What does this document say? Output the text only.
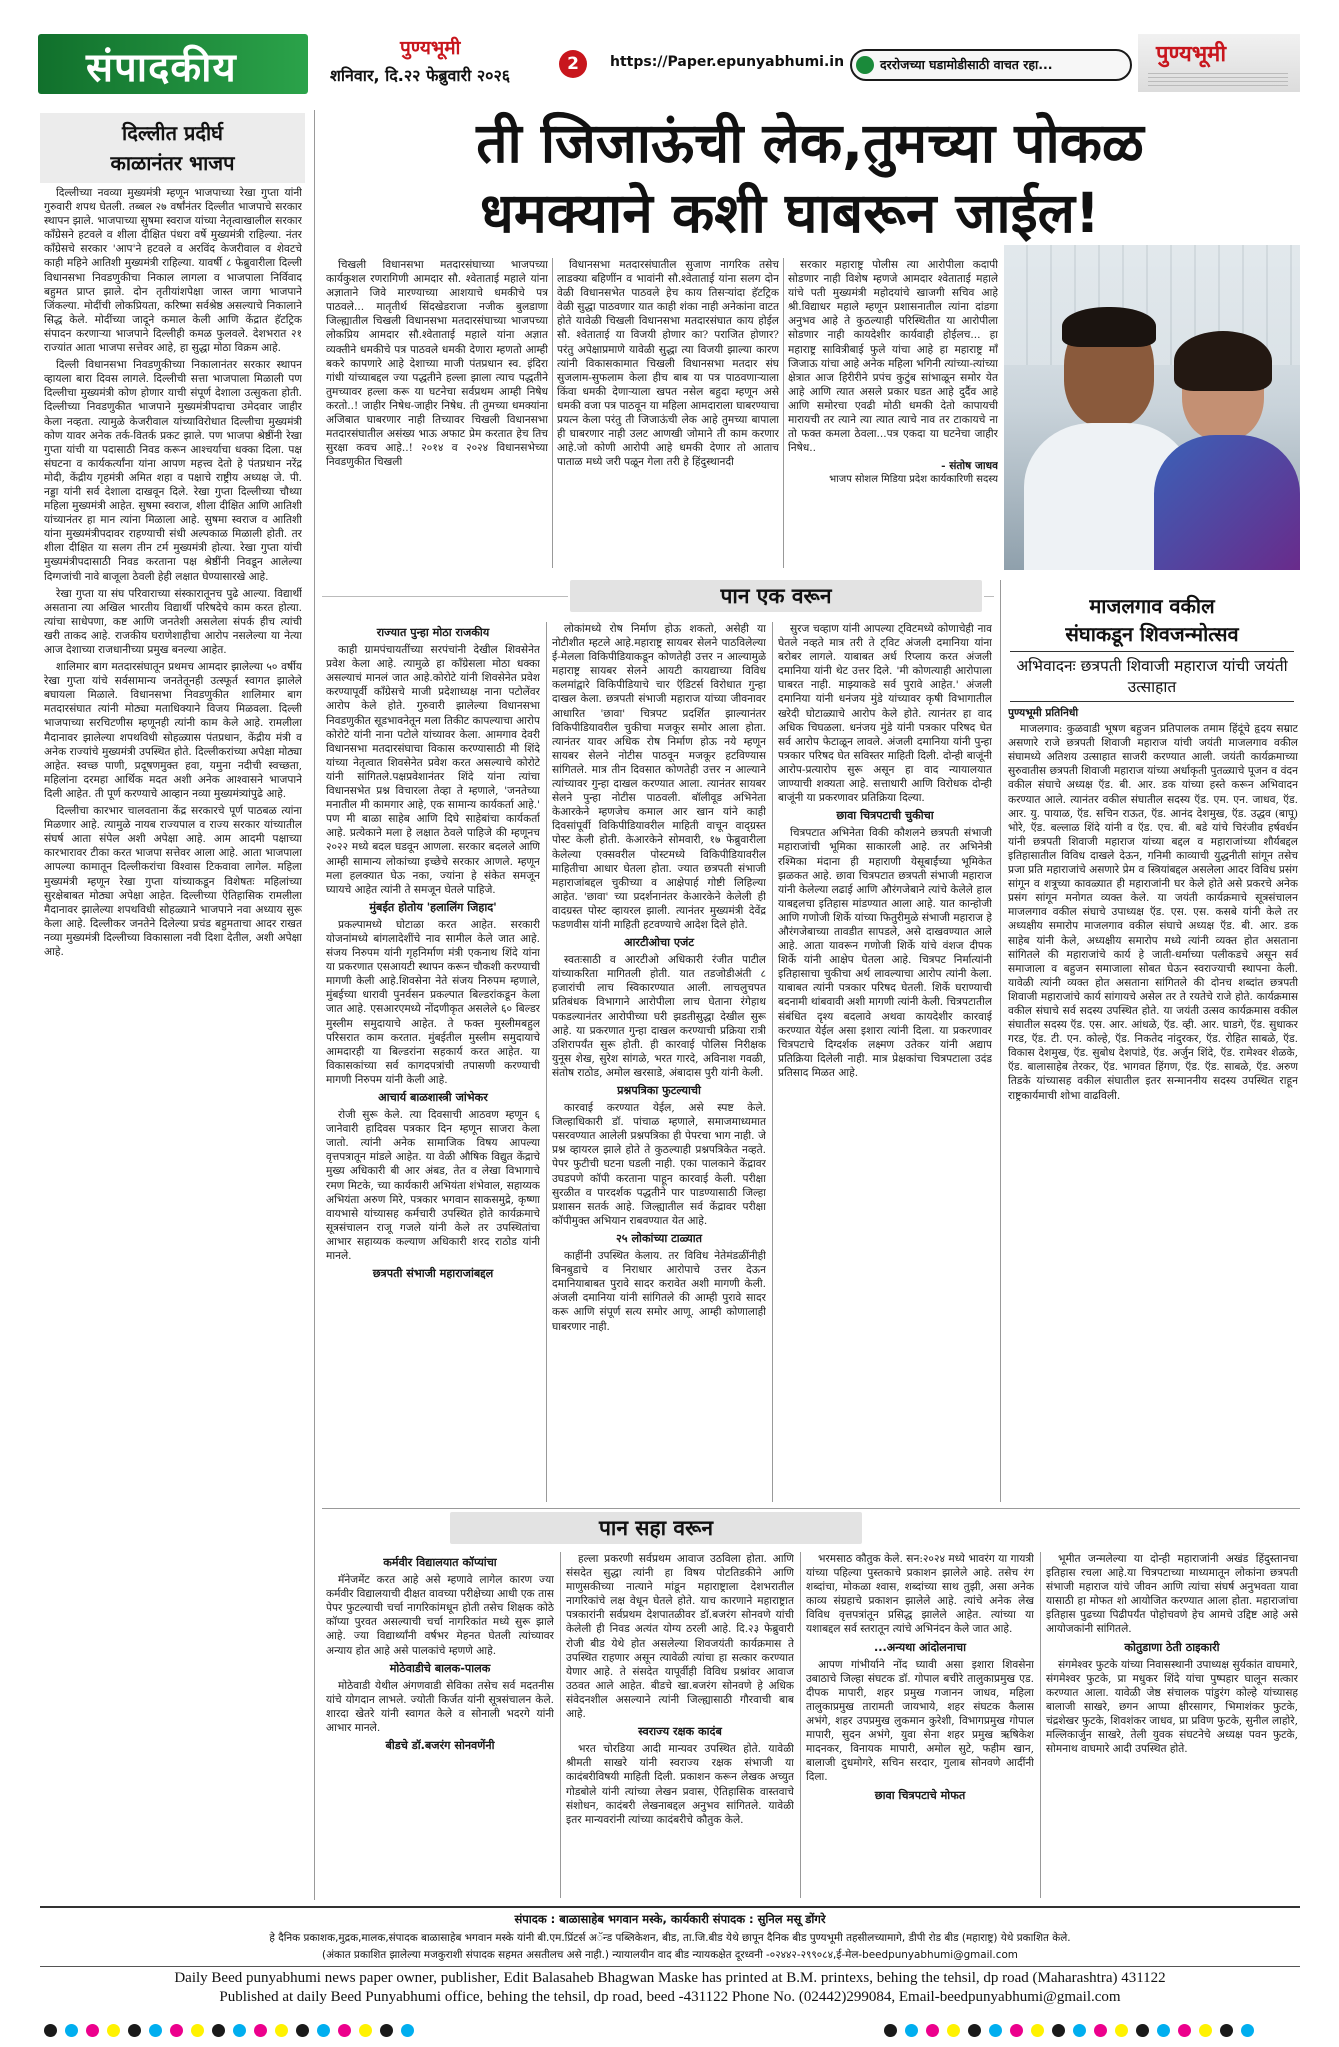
संपादकीय	पुण्यभूमी
शनिवार, दि.२२ फेब्रुवारी २०२६
2	https://Paper.epunyabhumi.in	दररोजच्या घडामोडीसाठी वाचत रहा...	पुण्यभूमी
दिल्लीत प्रदीर्घ
काळानंतर भाजप

दिल्लीच्या नवव्या मुख्यमंत्री म्हणून भाजपाच्या रेखा गुप्ता यांनी गुरुवारी शपथ घेतली. तब्बल २७ वर्षांनंतर दिल्लीत भाजपाचे सरकार स्थापन झाले. भाजपाच्या सुषमा स्वराज यांच्या नेतृत्वाखालील सरकार कॉंग्रेसने हटवले व शीला दीक्षित पंधरा वर्षे मुख्यमंत्री राहिल्या. नंतर कॉंग्रेसचे सरकार 'आप'ने हटवले व अरविंद केजरीवाल व शेवटचे काही महिने आतिशी मुख्यमंत्री राहिल्या. यावर्षी ८ फेब्रुवारीला दिल्ली विधानसभा निवडणुकीचा निकाल लागला व भाजपाला निर्विवाद बहुमत प्राप्त झाले. दोन तृतीयांशपेक्षा जास्त जागा भाजपाने जिंकल्या. मोदींची लोकप्रियता, करिष्मा सर्वश्रेष्ठ असल्याचे निकालाने सिद्ध केले. मोदींच्या जादूने कमाल केली आणि केंद्रात हॅटट्रिक संपादन करणाऱ्या भाजपाने दिल्लीही कमळ फुलवले. देशभरात २१ राज्यांत आता भाजपा सत्तेवर आहे, हा सुद्धा मोठा विक्रम आहे.

दिल्ली विधानसभा निवडणुकीच्या निकालानंतर सरकार स्थापन व्हायला बारा दिवस लागले. दिल्लीची सत्ता भाजपाला मिळाली पण दिल्लीचा मुख्यमंत्री कोण होणार याची संपूर्ण देशाला उत्सुकता होती. दिल्लीच्या निवडणुकीत भाजपाने मुख्यमंत्रीपदाचा उमेदवार जाहीर केला नव्हता. त्यामुळे केजरीवाल यांच्याविरोधात दिल्लीचा मुख्यमंत्री कोण यावर अनेक तर्क-वितर्क प्रकट झाले. पण भाजपा श्रेष्ठींनी रेखा गुप्ता यांची या पदासाठी निवड करून आश्चर्याचा धक्का दिला. पक्ष संघटना व कार्यकर्त्यांना यांना आपण महत्त्व देतो हे पंतप्रधान नरेंद्र मोदी, केंद्रीय गृहमंत्री अमित शहा व पक्षाचे राष्ट्रीय अध्यक्ष जे. पी. नड्डा यांनी सर्व देशाला दाखवून दिले. रेखा गुप्ता दिल्लीच्या चौथ्या महिला मुख्यमंत्री आहेत. सुषमा स्वराज, शीला दीक्षित आणि आतिशी यांच्यानंतर हा मान त्यांना मिळाला आहे. सुषमा स्वराज व आतिशी यांना मुख्यमंत्रीपदावर राहण्याची संधी अल्पकाळ मिळाली होती. तर शीला दीक्षित या सलग तीन टर्म मुख्यमंत्री होत्या. रेखा गुप्ता यांची मुख्यमंत्रीपदासाठी निवड करताना पक्ष श्रेष्ठींनी निवडून आलेल्या दिग्गजांची नावे बाजूला ठेवली हेही लक्षात घेण्यासारखे आहे.

रेखा गुप्ता या संघ परिवाराच्या संस्कारातूनच पुढे आल्या. विद्यार्थी असताना त्या अखिल भारतीय विद्यार्थी परिषदेचे काम करत होत्या. त्यांचा साधेपणा, कष्ट आणि जनतेशी असलेला संपर्क हीच त्यांची खरी ताकद आहे. राजकीय घराणेशाहीचा आरोप नसलेल्या या नेत्या आज देशाच्या राजधानीच्या प्रमुख बनल्या आहेत.

शालिमार बाग मतदारसंघातून प्रथमच आमदार झालेल्या ५० वर्षीय रेखा गुप्ता यांचे सर्वसामान्य जनतेतूनही उत्स्फूर्त स्वागत झालेले बघायला मिळाले. विधानसभा निवडणुकीत शालिमार बाग मतदारसंघात त्यांनी मोठ्या मताधिक्याने विजय मिळवला. दिल्ली भाजपाच्या सरचिटणीस म्हणूनही त्यांनी काम केले आहे. रामलीला मैदानावर झालेल्या शपथविधी सोहळ्यास पंतप्रधान, केंद्रीय मंत्री व अनेक राज्यांचे मुख्यमंत्री उपस्थित होते. दिल्लीकरांच्या अपेक्षा मोठ्या आहेत. स्वच्छ पाणी, प्रदूषणमुक्त हवा, यमुना नदीची स्वच्छता, महिलांना दरमहा आर्थिक मदत अशी अनेक आश्वासने भाजपाने दिली आहेत. ती पूर्ण करण्याचे आव्हान नव्या मुख्यमंत्र्यांपुढे आहे.

दिल्लीचा कारभार चालवताना केंद्र सरकारचे पूर्ण पाठबळ त्यांना मिळणार आहे. त्यामुळे नायब राज्यपाल व राज्य सरकार यांच्यातील संघर्ष आता संपेल अशी अपेक्षा आहे. आम आदमी पक्षाच्या कारभारावर टीका करत भाजपा सत्तेवर आला आहे. आता भाजपाला आपल्या कामातून दिल्लीकरांचा विश्वास टिकवावा लागेल. महिला मुख्यमंत्री म्हणून रेखा गुप्ता यांच्याकडून विशेषतः महिलांच्या सुरक्षेबाबत मोठ्या अपेक्षा आहेत. दिल्लीच्या ऐतिहासिक रामलीला मैदानावर झालेल्या शपथविधी सोहळ्याने भाजपाने नवा अध्याय सुरू केला आहे. दिल्लीकर जनतेने दिलेल्या प्रचंड बहुमताचा आदर राखत नव्या मुख्यमंत्री दिल्लीच्या विकासाला नवी दिशा देतील, अशी अपेक्षा आहे.

ती जिजाऊंची लेक,तुमच्या पोकळ
धमक्याने कशी घाबरून जाईल!

चिखली विधानसभा मतदारसंघाच्या भाजपच्या कार्यकुशल रणरागिणी आमदार सौ. श्वेताताई महाले यांना अज्ञाताने जिवे मारण्याच्या आशयाचे धमकीचे पत्र पाठवले... मातृतीर्थ सिंदखेडराजा नजीक बुलडाणा जिल्ह्यातील चिखली विधानसभा मतदारसंघाच्या भाजपच्या लोकप्रिय आमदार सौ.श्वेताताई महाले यांना अज्ञात व्यक्तीने धमकीचे पत्र पाठवले धमकी देणारा म्हणतो आम्ही बकरे कापणारे आहे देशाच्या माजी पंतप्रधान स्व. इंदिरा गांधी यांच्याबद्दल ज्या पद्धतीने हल्ला झाला त्याच पद्धतीने तुमच्यावर हल्ला करू या घटनेचा सर्वप्रथम आम्ही निषेध करतो..! जाहीर निषेध-जाहीर निषेध. ती तुमच्या धमक्यांना अजिबात घाबरणार नाही तिच्यावर चिखली विधानसभा मतदारसंघातील असंख्य भाऊ अफाट प्रेम करतात हेच तिच सुरक्षा कवच आहे..! २०१४ व २०२४ विधानसभेच्या निवडणुकीत चिखली

विधानसभा मतदारसंघातील सुजाण नागरिक तसेच लाडक्या बहिणींन व भावांनी सौ.श्वेताताई यांना सलग दोन वेळी विधानसभेत पाठवले हेच काय तिसऱ्यांदा हॅटट्रिक वेळी सुद्धा पाठवणार यात काही शंका नाही अनेकांना वाटत होते यावेळी चिखली विधानसभा मतदारसंघात काय होईल सौ. श्वेताताई या विजयी होणार का? पराजित होणार? परंतु अपेक्षाप्रमाणे यावेळी सुद्धा त्या विजयी झाल्या कारण त्यांनी विकासकामात चिखली विधानसभा मतदार संघ सुजलाम-सुफलाम केला हीच बाब या पत्र पाठवणाऱ्याला किंवा धमकी देणाऱ्याला खपत नसेल बहुदा म्हणून असे धमकी वजा पत्र पाठवून या महिला आमदाराला घाबरण्याचा प्रयत्न केला परंतु ती जिजाऊंची लेक आहे तुमच्या बापाला ही घाबरणार नाही उलट आणखी जोमाने ती काम करणार आहे.जो कोणी आरोपी आहे धमकी देणार तो आताच पाताळ मध्ये जरी पळून गेला तरी हे हिंदुस्थानदी

सरकार महाराष्ट्र पोलीस त्या आरोपीला कदापी सोडणार नाही विशेष म्हणजे आमदार श्वेताताई महाले यांचे पती मुख्यमंत्री महोदयांचे खाजगी सचिव आहे श्री.विद्याधर महाले म्हणून प्रशासनातील त्यांना दांडगा अनुभव आहे ते कुठल्याही परिस्थितीत या आरोपीला सोडणार नाही कायदेशीर कार्यवाही होईलच... हा महाराष्ट्र सावित्रीबाई फुले यांचा आहे हा महाराष्ट्र माँ जिजाऊ यांचा आहे अनेक महिला भगिनी त्यांच्या-त्यांच्या क्षेत्रात आज हिरीरीने प्रपंच कुटुंब सांभाळून समोर येत आहे आणि त्यात असले प्रकार घडत आहे दुर्दैव आहे आणि समोरचा एवढी मोठी धमकी देतो कापायची मारायची तर त्याने त्या त्यात त्याचे नाव तर टाकायचे ना तो फक्त कमला ठेवला...पत्र एकदा या घटनेचा जाहीर निषेध..

- संतोष जाधव
भाजप सोशल मिडिया प्रदेश कार्यकारिणी सदस्य
पान एक वरून
राज्यात पुन्हा मोठा राजकीय

काही ग्रामपंचायतींच्या सरपंचांनी देखील शिवसेनेत प्रवेश केला आहे. त्यामुळे हा कॉंग्रेसला मोठा धक्का असल्याचं मानलं जात आहे.कोरोटे यांनी शिवसेनेत प्रवेश करण्यापूर्वी कॉंग्रेसचे माजी प्रदेशाध्यक्ष नाना पटोलेंवर आरोप केले होते. गुरुवारी झालेल्या विधानसभा निवडणुकीत सूडभावनेतून मला तिकीट कापल्याचा आरोप कोरोटे यांनी नाना पटोले यांच्यावर केला. आमगाव देवरी विधानसभा मतदारसंघाचा विकास करण्यासाठी मी शिंदे यांच्या नेतृत्वात शिवसेनेत प्रवेश करत असल्याचे कोरोटे यांनी सांगितले.पक्षप्रवेशानंतर शिंदे यांना त्यांचा विधानसभेत प्रश्न विचारला तेव्हा ते म्हणाले, 'जनतेच्या मनातील मी कामगार आहे, एक सामान्य कार्यकर्ता आहे.' पण मी बाळा साहेब आणि दिघे साहेबांचा कार्यकर्ता आहे. प्रत्येकाने मला हे लक्षात ठेवले पाहिजे की म्हणूनच २०२२ मध्ये बदल घडवून आणला. सरकार बदलले आणि आम्ही सामान्य लोकांच्या इच्छेचे सरकार आणले. म्हणून मला हलक्यात घेऊ नका, ज्यांना हे संकेत समजून घ्यायचे आहेत त्यांनी ते समजून घेतले पाहिजे.

मुंबईत होतोय 'हलालिंग जिहाद'

प्रकल्पामध्ये घोटाळा करत आहेत. सरकारी योजनांमध्ये बांगलादेशींचे नाव सामील केले जात आहे. संजय निरुपम यांनी गृहनिर्माण मंत्री एकनाथ शिंदे यांना या प्रकरणात एसआयटी स्थापन करून चौकशी करण्याची मागणी केली आहे.शिवसेना नेते संजय निरुपम म्हणाले, मुंबईच्या धारावी पुनर्वसन प्रकल्पात बिल्डरांकडून केला जात आहे. एसआरएमध्ये नोंदणीकृत असलेले ६० बिल्डर मुस्लीम समुदायाचे आहेत. ते फक्त मुस्लीमबहुल परिसरात काम करतात. मुंबईतील मुस्लीम समुदायाचे आमदारही या बिल्डरांना सहकार्य करत आहेत. या विकासकांच्या सर्व कागदपत्रांची तपासणी करण्याची मागणी निरुपम यांनी केली आहे.

आचार्य बाळशास्त्री जांभेकर

रोजी सुरू केले. त्या दिवसाची आठवण म्हणून ६ जानेवारी हादिवस पत्रकार दिन म्हणून साजरा केला जातो. त्यांनी अनेक सामाजिक विषय आपल्या वृत्तपत्रातून मांडले आहेत. या वेळी औषिक विद्युत केंद्राचे मुख्य अधिकारी बी आर अंबड, तेत व लेखा विभागाचे रमण मिटके, च्या कार्यकारी अभियंता शंभेवाल, सहाय्यक अभियंता अरुण मिरे, पत्रकार भगवान साकसमुद्रे, कृष्णा वायभासे यांच्यासह कर्मचारी उपस्थित होते कार्यक्रमाचे सूत्रसंचालन राजू गजले यांनी केले तर उपस्थितांचा आभार सहाय्यक कल्याण अधिकारी शरद राठोड यांनी मानले.

छत्रपती संभाजी महाराजांबद्दल

लोकांमध्ये रोष निर्माण होऊ शकतो, असेही या नोटीशीत म्हटले आहे.महाराष्ट्र सायबर सेलने पाठविलेल्या ई-मेलला विकिपीडियाकडून कोणतेही उत्तर न आल्यामुळे महाराष्ट्र सायबर सेलने आयटी कायद्याच्या विविध कलमांद्वारे विकिपीडियाचे चार ऍडिटर्स विरोधात गुन्हा दाखल केला. छत्रपती संभाजी महाराज यांच्या जीवनावर आधारित 'छावा' चित्रपट प्रदर्शित झाल्यानंतर विकिपीडियावरील चुकीचा मजकूर समोर आला होता. त्यानंतर यावर अधिक रोष निर्माण होऊ नये म्हणून सायबर सेलने नोटीस पाठवून मजकूर हटविण्यास सांगितले. मात्र तीन दिवसात कोणतेही उत्तर न आल्याने त्यांच्यावर गुन्हा दाखल करण्यात आला. त्यानंतर सायबर सेलने पुन्हा नोटीस पाठवली. बॉलीवूड अभिनेता केआरकेने म्हणजेच कमाल आर खान यांने काही दिवसांपूर्वी विकिपीडियावरील माहिती वाचून वाद्ग्रस्त पोस्ट केली होती. केआरकेने सोमवारी, १७ फेब्रुवारीला केलेल्या एक्सवरील पोस्टमध्ये विकिपीडियावरील माहितीचा आधार घेतला होता. ज्यात छत्रपती संभाजी महाराजांबद्दल चुकीच्या व आक्षेपार्ह गोष्टी लिहिल्या आहेत. 'छावा' च्या प्रदर्शनानंतर केआरकेने केलेली ही वादग्रस्त पोस्ट व्हायरल झाली. त्यानंतर मुख्यमंत्री देवेंद्र फडणवीस यांनी माहिती हटवण्याचे आदेश दिले होते.

आरटीओचा एजंट

स्वतःसाठी व आरटीओ अधिकारी रंजीत पाटील यांच्याकरिता मागितली होती. यात तडजोडीअंती ८ हजारांची लाच स्विकारण्यात आली. लाचलुचपत प्रतिबंधक विभागाने आरोपीला लाच घेताना रंगेहाथ पकडल्यानंतर आरोपीच्या घरी झडतीसुद्धा देखील सुरू आहे. या प्रकरणात गुन्हा दाखल करण्याची प्रक्रिया रात्री उशिरापर्यंत सुरू होती. ही कारवाई पोलिस निरीक्षक युनूस शेख, सुरेश सांगळे, भरत गारदे, अविनाश गवळी, संतोष राठोड, अमोल खरसाडे, अंबादास पुरी यांनी केली.

प्रश्नपत्रिका फुटल्याची

कारवाई करण्यात येईल, असे स्पष्ट केले. जिल्हाधिकारी डॉ. पांचाळ म्हणाले, समाजमाध्यमात पसरवण्यात आलेली प्रश्नपत्रिका ही पेपरचा भाग नाही. जे प्रश्न व्हायरल झाले होते ते कुठल्याही प्रश्नपत्रिकेत नव्हते. पेपर फुटीची घटना घडली नाही. एका पालकाने केंद्रावर उघडपणे कॉपी करताना पाहून कारवाई केली. परीक्षा सुरळीत व पारदर्शक पद्धतीने पार पाडण्यासाठी जिल्हा प्रशासन सतर्क आहे. जिल्ह्यातील सर्व केंद्रावर परीक्षा कॉपीमुक्त अभियान राबवण्यात येत आहे.

२५ लोकांच्या टाळ्यात

काहींनी उपस्थित केलाय. तर विविध नेतेमंडळींनीही बिनबुडाचे व निराधार आरोपाचे उत्तर देऊन दमानियाबाबत पुरावे सादर करावेत अशी मागणी केली. अंजली दमानिया यांनी सांगितले की आम्ही पुरावे सादर करू आणि संपूर्ण सत्य समोर आणू. आम्ही कोणालाही घाबरणार नाही.

सुरज चव्हाण यांनी आपल्या ट्विटमध्ये कोणाचेही नाव घेतले नव्हते मात्र तरी ते ट्विट अंजली दमानिया यांना बरोबर लागले. याबाबत अर्ध रिप्लाय करत अंजली दमानिया यांनी थेट उत्तर दिले. 'मी कोणत्याही आरोपाला घाबरत नाही. माझ्याकडे सर्व पुरावे आहेत.' अंजली दमानिया यांनी धनंजय मुंडे यांच्यावर कृषी विभागातील खरेदी घोटाळ्याचे आरोप केले होते. त्यानंतर हा वाद अधिक चिघळला. धनंजय मुंडे यांनी पत्रकार परिषद घेत सर्व आरोप फेटाळून लावले. अंजली दमानिया यांनी पुन्हा पत्रकार परिषद घेत सविस्तर माहिती दिली. दोन्ही बाजूंनी आरोप-प्रत्यारोप सुरू असून हा वाद न्यायालयात जाण्याची शक्यता आहे. सत्ताधारी आणि विरोधक दोन्ही बाजूंनी या प्रकरणावर प्रतिक्रिया दिल्या.

छावा चित्रपटाची चुकीचा

चित्रपटात अभिनेता विकी कौशलने छत्रपती संभाजी महाराजांची भूमिका साकारली आहे. तर अभिनेत्री रश्मिका मंदाना ही महाराणी येसूबाईंच्या भूमिकेत झळकत आहे. छावा चित्रपटात छत्रपती संभाजी महाराज यांनी केलेल्या लढाई आणि औरंगजेबाने त्यांचे केलेले हाल याबद्दलचा इतिहास मांडण्यात आला आहे. यात कान्होजी आणि गणोजी शिर्के यांच्या फितुरीमुळे संभाजी महाराज हे औरंगजेबाच्या तावडीत सापडले, असे दाखवण्यात आले आहे. आता यावरून गणोजी शिर्के यांचे वंशज दीपक शिर्के यांनी आक्षेप घेतला आहे. चित्रपट निर्मात्यांनी इतिहासाचा चुकीचा अर्थ लावल्याचा आरोप त्यांनी केला. याबाबत त्यांनी पत्रकार परिषद घेतली. शिर्के घराण्याची बदनामी थांबवावी अशी मागणी त्यांनी केली. चित्रपटातील संबंधित दृश्य बदलावे अथवा कायदेशीर कारवाई करण्यात येईल असा इशारा त्यांनी दिला. या प्रकरणावर चित्रपटाचे दिग्दर्शक लक्ष्मण उतेकर यांनी अद्याप प्रतिक्रिया दिलेली नाही. मात्र प्रेक्षकांचा चित्रपटाला उदंड प्रतिसाद मिळत आहे.

माजलगाव वकील
संघाकडून शिवजन्मोत्सव
अभिवादनः छत्रपती शिवाजी महाराज यांची जयंती उत्साहात
पुण्यभूमी प्रतिनिधी

माजलगाव: कुळवाडी भूषण बहुजन प्रतिपालक तमाम हिंदूंचे हृदय सम्राट असणारे राजे छत्रपती शिवाजी महाराज यांची जयंती माजलगाव वकील संघामध्ये अतिशय उत्साहात साजरी करण्यात आली. जयंती कार्यक्रमाच्या सुरुवातीस छत्रपती शिवाजी महाराज यांच्या अर्धाकृती पुतळ्याचे पूजन व वंदन वकील संघाचे अध्यक्ष ऍड. बी. आर. डक यांच्या हस्ते करून अभिवादन करण्यात आले. त्यानंतर वकील संघातील सदस्य ऍड. एम. एन. जाधव, ऍड. आर. यु. पायाळ, ऍड. सचिन राऊत, ऍड. आनंद देशमुख, ऍड. उद्धव (बापू) भोरे, ऍड. बल्लाळ शिंदे यांनी व ऍड. एच. बी. बडे यांचे चिरंजीव हर्षवर्धन यांनी छत्रपती शिवाजी महाराज यांच्या बद्दल व महाराजांच्या शौर्यबद्दल इतिहासातील विविध दाखले देऊन, गनिमी काव्याची युद्धनीती सांगून तसेच प्रजा प्रति महाराजांचे असणारे प्रेम व स्त्रियांबद्दल असलेला आदर विविध प्रसंग सांगून व शत्रूच्या कावळ्यात ही महाराजांनी घर केले होते असे प्रकरचे अनेक प्रसंग सांगून मनोगत व्यक्त केले. या जयंती कार्यक्रमाचे सूत्रसंचालन माजलगाव वकील संघाचे उपाध्यक्ष ऍड. एस. एस. कसबे यांनी केले तर अध्यक्षीय समारोप माजलगाव वकील संघाचे अध्यक्ष ऍड. बी. आर. डक साहेब यांनी केले, अध्यक्षीय समारोप मध्ये त्यांनी व्यक्त होत असताना सांगितले की महाराजांचे कार्य हे जाती-धर्माच्या पलीकडचे असून सर्व समाजाला व बहुजन समाजाला सोबत घेऊन स्वराज्याची स्थापना केली. यावेळी त्यांनी व्यक्त होत असताना सांगितले की दोनच शब्दांत छत्रपती शिवाजी महाराजांचे कार्य सांगायचे असेल तर ते रयतेचे राजे होते. कार्यक्रमास वकील संघाचे सर्व सदस्य उपस्थित होते. या जयंती उत्सव कार्यक्रमास वकील संघातील सदस्य ऍड. एस. आर. आंधळे, ऍड. व्ही. आर. घाडगे, ऍड. सुधाकर गरड, ऍड. टी. एन. कोल्हे, ऍड. निकतेद नांदुरकर, ऍड. रोहित साबळे, ऍड. विकास देशमुख, ऍड. सुबोध देशपांडे, ऍड. अर्जुन शिंदे, ऍड. रामेश्वर शेळके, ऍड. बालासाहेब तेरकर, ऍड. भागवत हिंगण, ऍड. ऍड. साबळे, ऍड. अरुण तिडके यांच्यासह वकील संघातील इतर सन्माननीय सदस्य उपस्थित राहून राष्ट्रकार्यमाची शोभा वाढविली.

पान सहा वरून
कर्मवीर विद्यालयात कॉप्यांचा

मॅनेजमेंट करत आहे असे म्हणावे लागेल कारण ज्या कर्मवीर विद्यालयाची दीक्षत वावच्या परीक्षेच्या आधी एक तास पेपर फुटल्याची चर्चा नागरिकांमधून होती तसेच शिक्षक कोठे कॉप्या पुरवत असल्याची चर्चा नागरिकांत मध्ये सुरू झाले आहे. ज्या विद्यार्थ्यांनी वर्षभर मेहनत घेतली त्यांच्यावर अन्याय होत आहे असे पालकांचे म्हणणे आहे.

मोठेवाडीचे बालक-पालक

मोठेवाडी येथील अंगणवाडी सेविका तसेच सर्व मदतनीस यांचे योगदान लाभले. ज्योती किर्जत यांनी सूत्रसंचालन केले. शारदा खेतरे यांनी स्वागत केले व सोनाली भदरगे यांनी आभार मानले.

बीडचे डॉ.बजरंग सोनवणेंनी

हल्ला प्रकरणी सर्वप्रथम आवाज उठविला होता. आणि संसदेत सुद्धा त्यांनी हा विषय पोटतिडकीने आणि माणुसकीच्या नात्याने मांडून महाराष्ट्राला देशभरातील नागरिकांचे लक्ष वेधून घेतले होते. याच कारणाने महाराष्ट्रात पत्रकारांनी सर्वप्रथम देशपातळीवर डॉ.बजरंग सोनवणे यांची केलेली ही निवड अत्यंत योग्य ठरली आहे. दि.२३ फेब्रुवारी रोजी बीड येथे होत असलेल्या शिवजयंती कार्यक्रमास ते उपस्थित राहणार असून त्यावेळी त्यांचा हा सत्कार करण्यात येणार आहे. ते संसदेत यापूर्वीही विविध प्रश्नांवर आवाज उठवत आले आहेत. बीडचे खा.बजरंग सोनवणे हे अधिक संवेदनशील असल्याने त्यांनी जिल्ह्यासाठी गौरवाची बाब आहे.

स्वराज्य रक्षक कादंब

भरत चोरडिया आदी मान्यवर उपस्थित होते. यावेळी श्रीमती साखरे यांनी स्वराज्य रक्षक संभाजी या कादंबरीविषयी माहिती दिली. प्रकाशन करून लेखक अच्युत गोडबोले यांनी त्यांच्या लेखन प्रवास, ऐतिहासिक वास्तवाचे संशोधन, कादंबरी लेखनाबद्दल अनुभव सांगितले. यावेळी इतर मान्यवरांनी त्यांच्या कादंबरीचे कौतुक केले.

भरमसाठ कौतुक केले. सन:२०२४ मध्ये भावरंग या गायत्री यांच्या पहिल्या पुस्तकाचे प्रकाशन झालेले आहे. तसेच रंग शब्दांचा, मोकळा श्वास, शब्दांच्या साथ तुझी, असा अनेक काव्य संग्रहाचे प्रकाशन झालेले आहे. त्यांचे अनेक लेख विविध वृत्तपत्रांतून प्रसिद्ध झालेले आहेत. त्यांच्या या यशाबद्दल सर्व स्तरातून त्यांचे अभिनंदन केले जात आहे.

...अन्यथा आंदोलनाचा

आपण गांभीर्याने नोंद घ्यावी असा इशारा शिवसेना उबाठाचे जिल्हा संघटक डॉ. गोपाल बचीरे तालुकाप्रमुख एड. दीपक मापारी, शहर प्रमुख गजानन जाधव, महिला तालुकाप्रमुख तारामती जायभाये, शहर संघटक कैलास अभंगे, शहर उपप्रमुख लुकमान कुरेशी, विभागप्रमुख गोपाल मापारी, सुदन अभंगे, युवा सेना शहर प्रमुख ऋषिकेश मादनकर, विनायक मापारी, अमोल सुटे, फहीम खान, बालाजी दुधमोगरे, सचिन सरदार, गुलाब सोनवणे आदींनी दिला.

छावा चित्रपटाचे मोफत

भूमीत जन्मलेल्या या दोन्ही महाराजांनी अखंड हिंदुस्तानचा इतिहास रचला आहे.या चित्रपटाच्या माध्यमातून लोकांना छत्रपती संभाजी महाराज यांचे जीवन आणि त्यांचा संघर्ष अनुभवता यावा यासाठी हा मोफत शो आयोजित करण्यात आला होता. महाराजांचा इतिहास पुढच्या पिढीपर्यंत पोहोचवणे हेच आमचे उद्दिष्ट आहे असे आयोजकांनी सांगितले.

कोतुडाणा ठेती ठाइकारी

संगमेश्वर फुटके यांच्या निवासस्थानी उपाध्यक्ष सुर्यकांत वाघमारे, संगमेश्वर फुटके, प्रा मधुकर शिंदे यांचा पुष्पहार घालून सत्कार करण्यात आला. यावेळी जेष्ठ संचालक पांडुरंग कोल्हे यांच्यासह बालाजी साखरे, छगन आप्पा क्षीरसागर, भिमाशंकर फुटके, चंद्रशेखर फुटके, शिवशंकर जाधव, प्रा प्रविण फुटके, सुनील लाहोरे, मल्लिकार्जुन साखरे, तेली युवक संघटनेचे अध्यक्ष पवन फुटके, सोमनाथ वाघमारे आदी उपस्थित होते.

संपादक : बाळासाहेब भगवान मस्के, कार्यकारी संपादक : सुनिल मसू डोंगरे
हे दैनिक प्रकाशक,मुद्रक,मालक,संपादक बाळासाहेब भगवान मस्के यांनी बी.एम.प्रिंटर्स अॅन्ड पब्लिकेशन, बीड, ता.जि.बीड येथे छापून दैनिक बीड पुण्यभूमी तहसीलच्यामागे, डीपी रोड बीड (महाराष्ट्र) येथे प्रकाशित केले.
(अंकात प्रकाशित झालेल्या मजकुराशी संपादक सहमत असतीलच असे नाही.) न्यायालयीन वाद बीड न्यायकक्षेत दूरध्वनी -०२४४२-२९९०८४,ई-मेल-beedpunyabhumi@gmail.com
Daily Beed punyabhumi news paper owner, publisher, Edit Balasaheb Bhagwan Maske has printed at B.M. printexs, behing the tehsil, dp road (Maharashtra) 431122
Published at daily Beed Punyabhumi office, behing the tehsil, dp road, beed -431122 Phone No. (02442)299084, Email-beedpunyabhumi@gmail.com
